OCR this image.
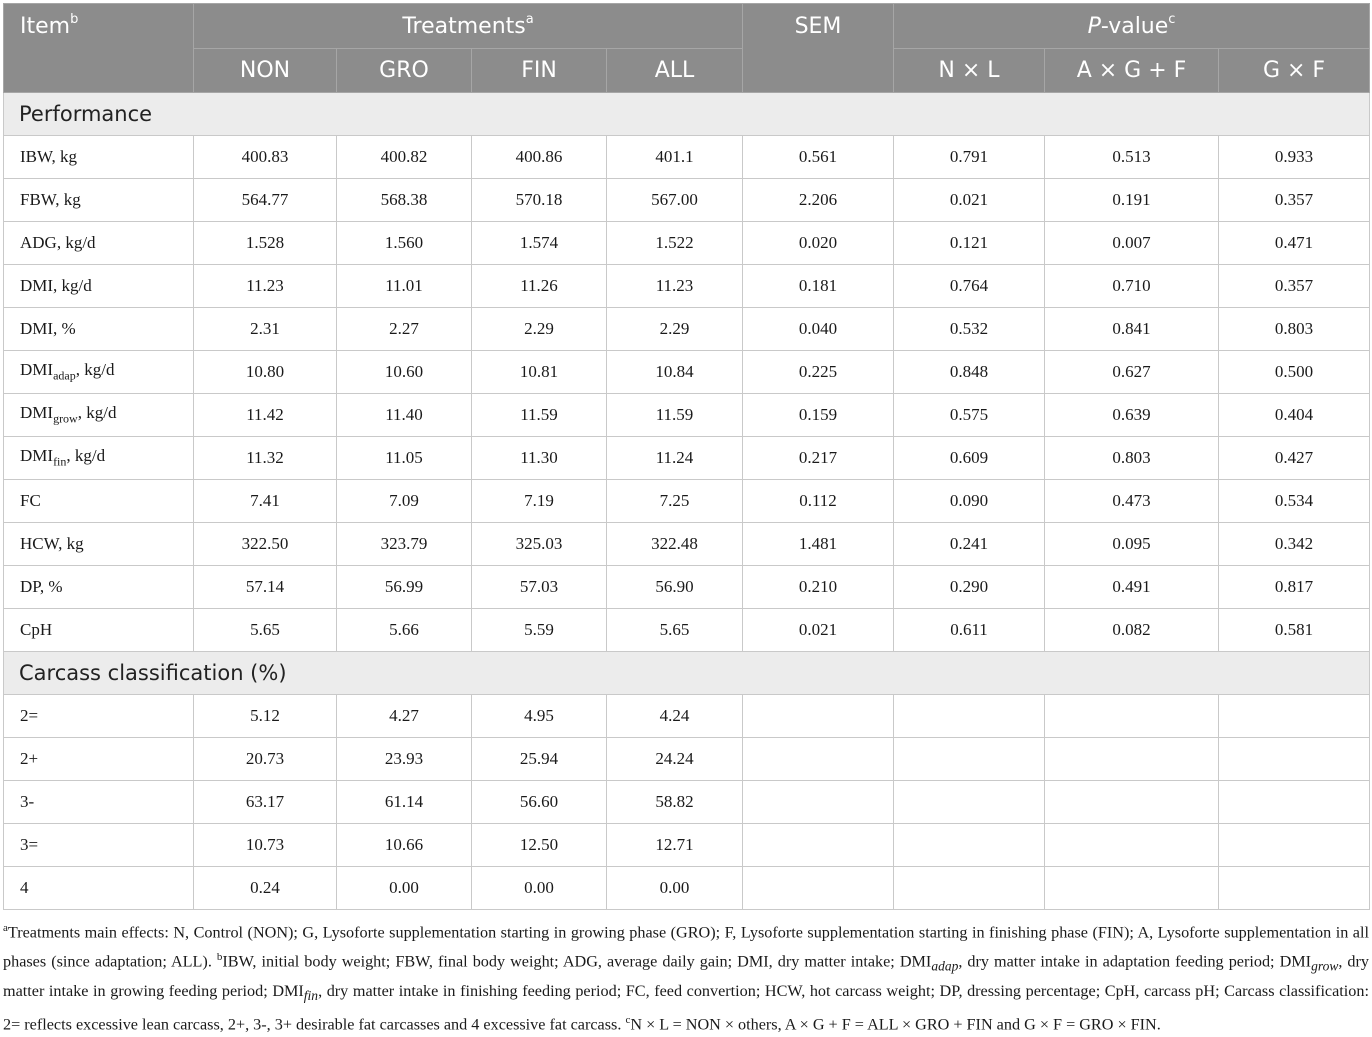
Item$^b$	Treatments$^a$				SEM	P-value$^c$
	NON	GRO	FIN	ALL		N × L	A × G + F	G × F
Performance								
IBW, kg	400.83	400.82	400.86	401.1	0.561	0.791	0.513	0.933
FBW, kg	564.77	568.38	570.18	567.00	2.206	0.021	0.191	0.357
ADG, kg/d	1.528	1.560	1.574	1.522	0.020	0.121	0.007	0.471
DMI, kg/d	11.23	11.01	11.26	11.23	0.181	0.764	0.710	0.357
DMI, %	2.31	2.27	2.29	2.29	0.040	0.532	0.841	0.803
$DMI_{adap}$, kg/d	10.80	10.60	10.81	10.84	0.225	0.848	0.627	0.500
$DMI_{grow}$, kg/d	11.42	11.40	11.59	11.59	0.159	0.575	0.639	0.404
$DMI_{fin}$, kg/d	11.32	11.05	11.30	11.24	0.217	0.609	0.803	0.427
FC	7.41	7.09	7.19	7.25	0.112	0.090	0.473	0.534
HCW, kg	322.50	323.79	325.03	322.48	1.481	0.241	0.095	0.342
DP, %	57.14	56.99	57.03	56.90	0.210	0.290	0.491	0.817
CpH	5.65	5.66	5.59	5.65	0.021	0.611	0.082	0.581
Carcass classification (%)								
2=	5.12	4.27	4.95	4.24				
2+	20.73	23.93	25.94	24.24				
3-	63.17	61.14	56.60	58.82				
3=	10.73	10.66	12.50	12.71				
4	0.24	0.00	0.00	0.00				
$^a$Treatments main effects: N, Control (NON); G, Lysoforte supplementation starting in growing phase (GRO); F, Lysoforte supplementation starting in finishing phase (FIN); A, Lysoforte supplementation in all phases (since adaptation; ALL). $^b$IBW, initial body weight; FBW, final body weight; ADG, average daily gain; DMI, dry matter intake; $DMI_{adap}$, dry matter intake in adaptation feeding period; $DMI_{grow}$, dry matter intake in growing feeding period; $DMI_{fin}$, dry matter intake in finishing feeding period; FC, feed convertion; HCW, hot carcass weight; DP, dressing percentage; CpH, carcass pH; Carcass classification: 2= reflects excessive lean carcass, 2+, 3-, 3+ desirable fat carcasses and 4 excessive fat carcass. $^c$N × L = NON × others, A × G + F = ALL × GRO + FIN and G × F = GRO × FIN.
